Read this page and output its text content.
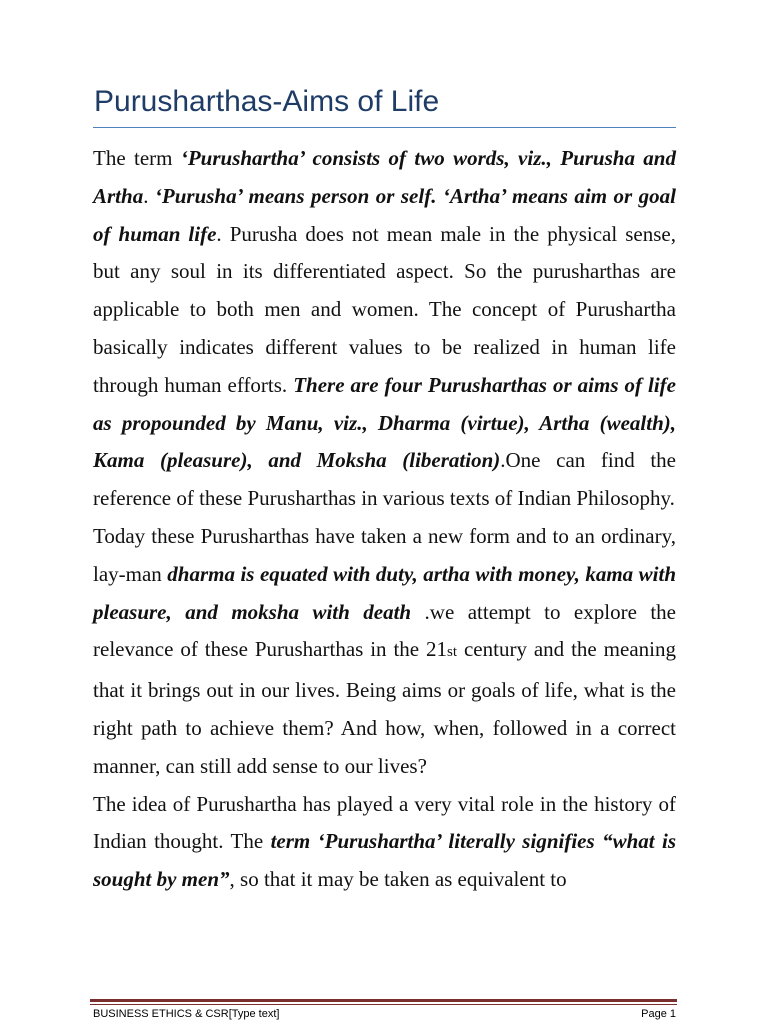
Purusharthas-Aims of Life

The term ‘Purushartha’ consists of two words, viz., Purusha and Artha. ‘Purusha’ means person or self. ‘Artha’ means aim or goal of human life. Purusha does not mean male in the physical sense, but any soul in its differentiated aspect. So the purusharthas are applicable to both men and women. The concept of Purushartha basically indicates different values to be realized in human life through human efforts. There are four Purusharthas or aims of life as propounded by Manu, viz., Dharma (virtue), Artha (wealth), Kama (pleasure), and Moksha (liberation).One can find the reference of these Purusharthas in various texts of Indian Philosophy.

Today these Purusharthas have taken a new form and to an ordinary, lay-man dharma is equated with duty, artha with money, kama with pleasure, and moksha with death .we attempt to explore the relevance of these Purusharthas in the 21st century and the meaning that it brings out in our lives. Being aims or goals of life, what is the right path to achieve them? And how, when, followed in a correct manner, can still add sense to our lives?

The idea of Purushartha has played a very vital role in the history of Indian thought. The term ‘Purushartha’ literally signifies “what is sought by men”, so that it may be taken as equivalent to

BUSINESS ETHICS & CSR[Type text]	Page 1
